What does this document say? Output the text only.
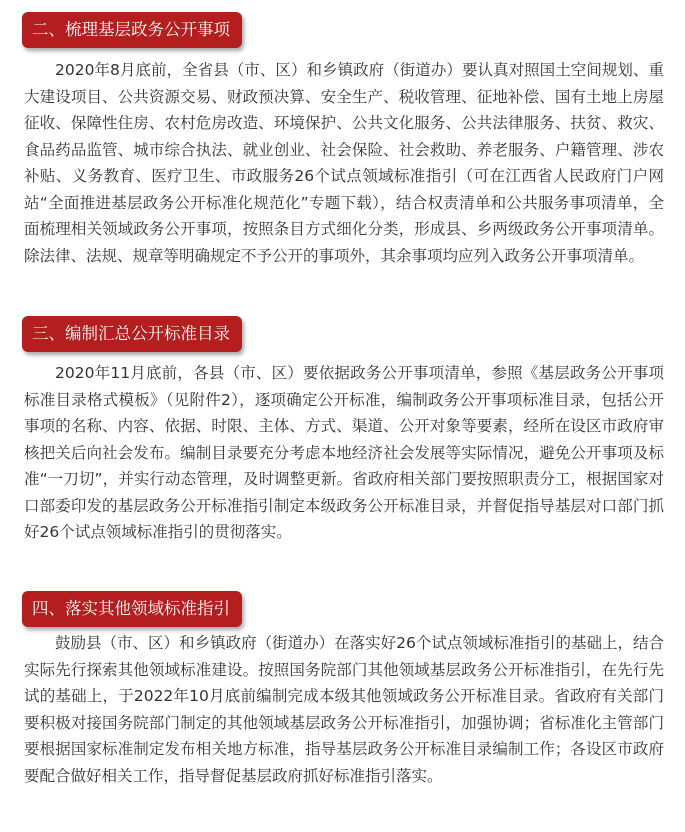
二、梳理基层政务公开事项

2020年8月底前，全省县（市、区）和乡镇政府（街道办）要认真对照国土空间规划、重大建设项目、公共资源交易、财政预决算、安全生产、税收管理、征地补偿、国有土地上房屋征收、保障性住房、农村危房改造、环境保护、公共文化服务、公共法律服务、扶贫、救灾、食品药品监管、城市综合执法、就业创业、社会保险、社会救助、养老服务、户籍管理、涉农补贴、义务教育、医疗卫生、市政服务26个试点领域标准指引（可在江西省人民政府门户网站“全面推进基层政务公开标准化规范化”专题下载），结合权责清单和公共服务事项清单，全面梳理相关领域政务公开事项，按照条目方式细化分类，形成县、乡两级政务公开事项清单。除法律、法规、规章等明确规定不予公开的事项外，其余事项均应列入政务公开事项清单。

三、编制汇总公开标准目录

2020年11月底前，各县（市、区）要依据政务公开事项清单，参照《基层政务公开事项标准目录格式模板》（见附件2），逐项确定公开标准，编制政务公开事项标准目录，包括公开事项的名称、内容、依据、时限、主体、方式、渠道、公开对象等要素，经所在设区市政府审核把关后向社会发布。编制目录要充分考虑本地经济社会发展等实际情况，避免公开事项及标准“一刀切”，并实行动态管理，及时调整更新。省政府相关部门要按照职责分工，根据国家对口部委印发的基层政务公开标准指引制定本级政务公开标准目录，并督促指导基层对口部门抓好26个试点领域标准指引的贯彻落实。

四、落实其他领域标准指引

鼓励县（市、区）和乡镇政府（街道办）在落实好26个试点领域标准指引的基础上，结合实际先行探索其他领域标准建设。按照国务院部门其他领域基层政务公开标准指引，在先行先试的基础上，于2022年10月底前编制完成本级其他领域政务公开标准目录。省政府有关部门要积极对接国务院部门制定的其他领域基层政务公开标准指引，加强协调；省标准化主管部门要根据国家标准制定发布相关地方标准，指导基层政务公开标准目录编制工作；各设区市政府要配合做好相关工作，指导督促基层政府抓好标准指引落实。
